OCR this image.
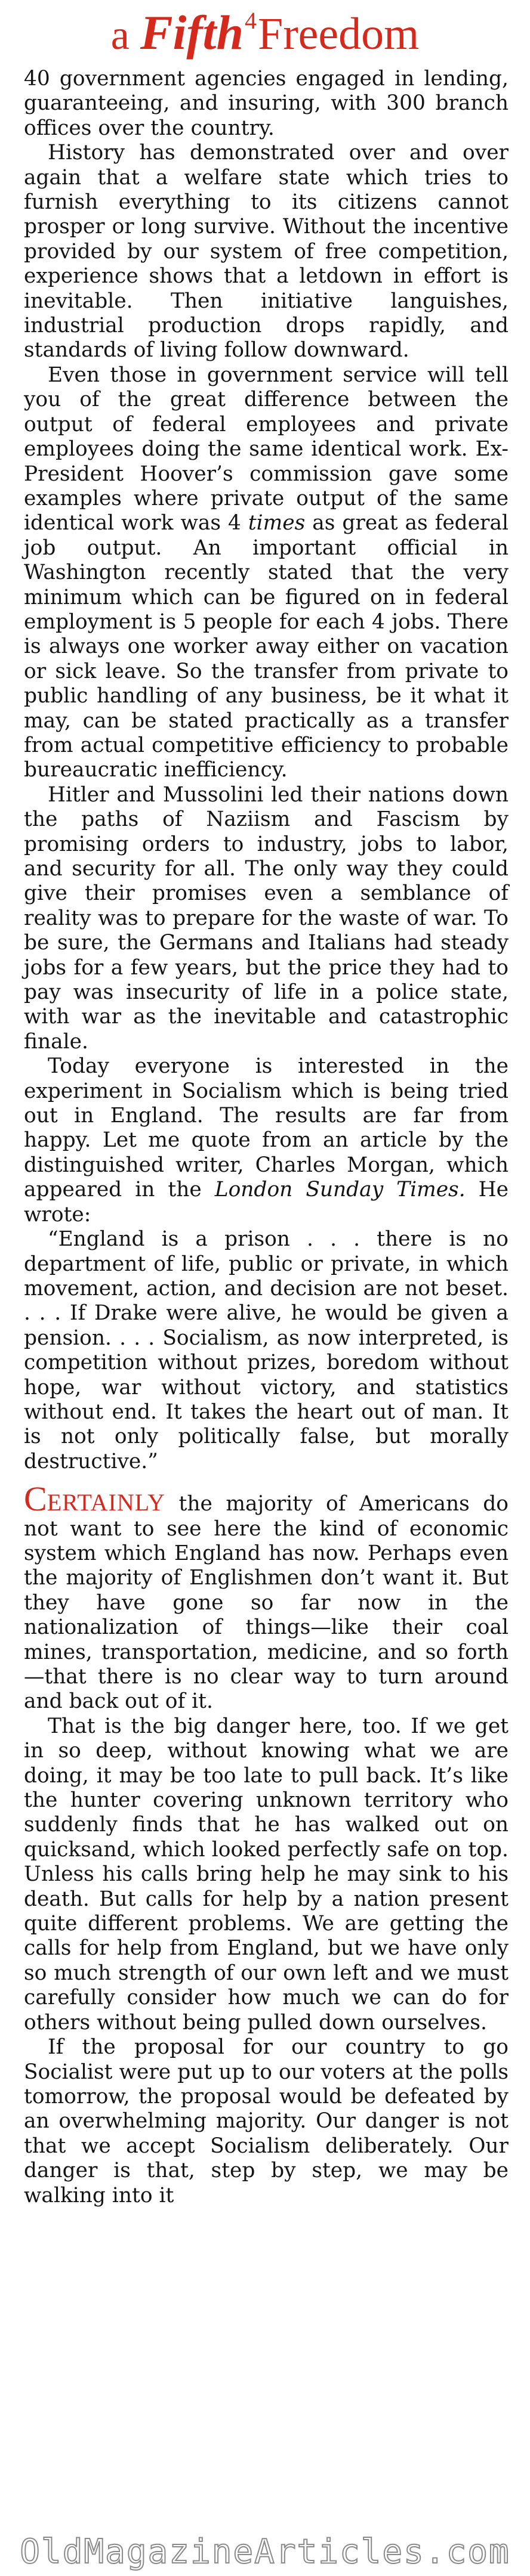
a Fifth4Freedom

40 government agencies engaged in lending, guaranteeing, and insuring, with 300 branch offices over the country.

History has demonstrated over and over again that a welfare state which tries to furnish everything to its citizens cannot prosper or long survive. Without the incentive provided by our system of free competition, experience shows that a letdown in effort is inevitable. Then initiative languishes, industrial production drops rapidly, and standards of living follow downward.

Even those in government service will tell you of the great difference between the output of federal employees and private employees doing the same identical work. Ex-President Hoover’s commission gave some examples where private output of the same identical work was 4 times as great as federal job output. An important official in Washington recently stated that the very minimum which can be figured on in federal employment is 5 people for each 4 jobs. There is always one worker away either on vacation or sick leave. So the transfer from private to public handling of any business, be it what it may, can be stated practically as a transfer from actual competitive efficiency to probable bureaucratic inefficiency.

Hitler and Mussolini led their nations down the paths of Naziism and Fascism by promising orders to industry, jobs to labor, and security for all. The only way they could give their promises even a semblance of reality was to prepare for the waste of war. To be sure, the Germans and Italians had steady jobs for a few years, but the price they had to pay was insecurity of life in a police state, with war as the inevitable and catastrophic finale.

Today everyone is interested in the experiment in Socialism which is being tried out in England. The results are far from happy. Let me quote from an article by the distinguished writer, Charles Morgan, which appeared in the London Sunday Times. He wrote:

“England is a prison . . . there is no department of life, public or private, in which movement, action, and decision are not beset. . . . If Drake were alive, he would be given a pension. . . . Socialism, as now interpreted, is competition without prizes, boredom without hope, war without victory, and statistics without end. It takes the heart out of man. It is not only politically false, but morally destructive.”

CERTAINLY the majority of Americans do not want to see here the kind of economic system which England has now. Perhaps even the majority of Englishmen don’t want it. But they have gone so far now in the nationalization of things—like their coal mines, transportation, medicine, and so forth—that there is no clear way to turn around and back out of it.

That is the big danger here, too. If we get in so deep, without knowing what we are doing, it may be too late to pull back. It’s like the hunter covering unknown territory who suddenly finds that he has walked out on quicksand, which looked perfectly safe on top. Unless his calls bring help he may sink to his death. But calls for help by a nation present quite different problems. We are getting the calls for help from England, but we have only so much strength of our own left and we must carefully consider how much we can do for others without being pulled down ourselves.

If the proposal for our country to go Socialist were put up to our voters at the polls tomorrow, the proposal would be defeated by an overwhelming majority. Our danger is not that we accept Socialism deliberately. Our danger is that, step by step, we may be walking into it

OldMagazineArticles.com
